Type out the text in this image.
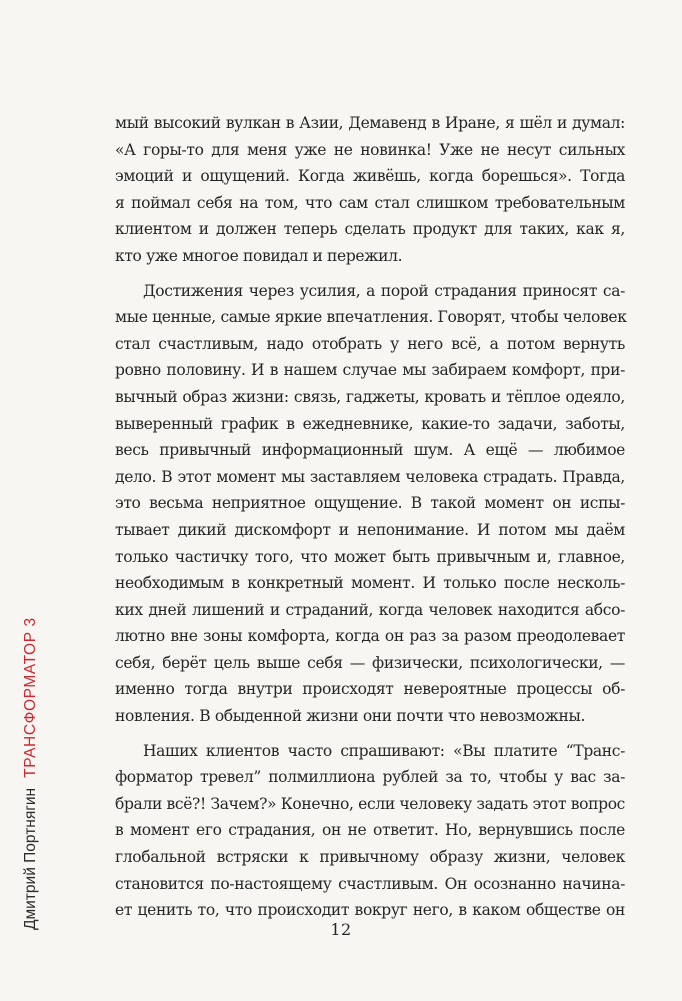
мый высокий вулкан в Азии, Демавенд в Иране, я шёл и думал:
«А горы-то для меня уже не новинка! Уже не несут сильных
эмоций и ощущений. Когда живёшь, когда борешься». Тогда
я поймал себя на том, что сам стал слишком требовательным
клиентом и должен теперь сделать продукт для таких, как я,
кто уже многое повидал и пережил.
Достижения через усилия, а порой страдания приносят са-
мые ценные, самые яркие впечатления. Говорят, чтобы человек
стал счастливым, надо отобрать у него всё, а потом вернуть
ровно половину. И в нашем случае мы забираем комфорт, при-
вычный образ жизни: связь, гаджеты, кровать и тёплое одеяло,
выверенный график в ежедневнике, какие-то задачи, заботы,
весь привычный информационный шум. А ещё — любимое
дело. В этот момент мы заставляем человека страдать. Правда,
это весьма неприятное ощущение. В такой момент он испы-
тывает дикий дискомфорт и непонимание. И потом мы даём
только частичку того, что может быть привычным и, главное,
необходимым в конкретный момент. И только после несколь-
ких дней лишений и страданий, когда человек находится абсо-
лютно вне зоны комфорта, когда он раз за разом преодолевает
себя, берёт цель выше себя — физически, психологически, —
именно тогда внутри происходят невероятные процессы об-
новления. В обыденной жизни они почти что невозможны.
Наших клиентов часто спрашивают: «Вы платите “Транс-
форматор тревел” полмиллиона рублей за то, чтобы у вас за-
брали всё?! Зачем?» Конечно, если человеку задать этот вопрос
в момент его страдания, он не ответит. Но, вернувшись после
глобальной встряски к привычному образу жизни, человек
становится по-настоящему счастливым. Он осознанно начина-
ет ценить то, что происходит вокруг него, в каком обществе он
12
Дмитрий ПортнягинТРАНСФОРМАТОР 3
